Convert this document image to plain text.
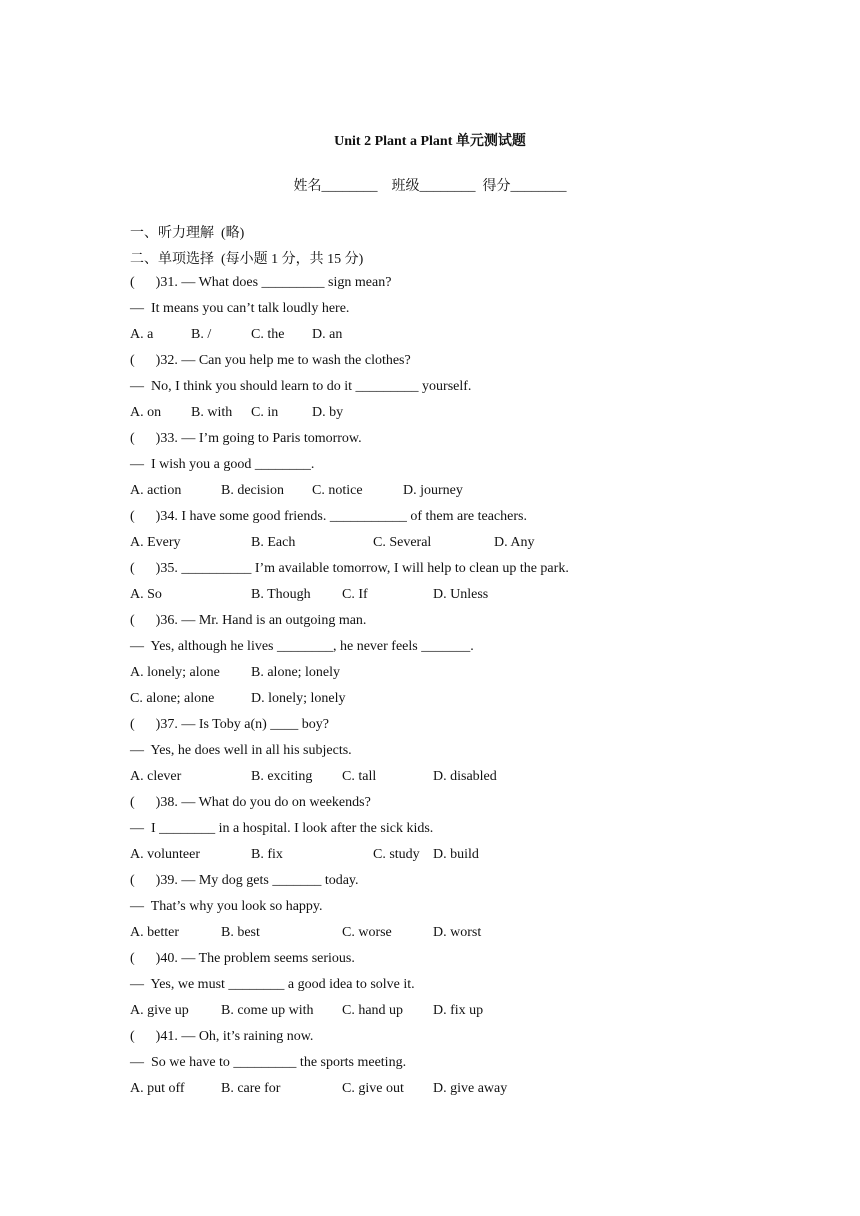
Unit 2 Plant a Plant 单元测试题
姓名________    班级________  得分________
一、听力理解  (略)
二、单项选择  (每小题 1 分，共 15 分)
(      )31. — What does _________ sign mean?
—  It means you can’t talk loudly here.
A. a	B. /	C. the D. an
(      )32. — Can you help me to wash the clothes?
—  No, I think you should learn to do it _________ yourself.
A. on B. with C. in D. by
(      )33. — I’m going to Paris tomorrow.
—  I wish you a good ________.
A. action	B. decision C. notice	D. journey
(      )34. I have some good friends. ___________ of them are teachers.
A. Every	B. Each	C. Several	D. Any
(      )35. __________ I’m available tomorrow, I will help to clean up the park.
A. So	B. Though C. If	D. Unless
(      )36. — Mr. Hand is an outgoing man.
—  Yes, although he lives ________, he never feels _______.
A. lonely; alone B. alone; lonely
C. alone; alone	D. lonely; lonely
(      )37. — Is Toby a(n) ____ boy?
—  Yes, he does well in all his subjects.
A. clever	B. exciting C. tall	D. disabled
(      )38. — What do you do on weekends?
—  I ________ in a hospital. I look after the sick kids.
A. volunteer	B. fix	C. study D. build
(      )39. — My dog gets _______ today.
—  That’s why you look so happy.
A. better	B. best	C. worse	D. worst
(      )40. — The problem seems serious.
—  Yes, we must ________ a good idea to solve it.
A. give up B. come up with C. hand up D. fix up
(      )41. — Oh, it’s raining now.
—  So we have to _________ the sports meeting.
A. put off	B. care for	C. give out D. give away
